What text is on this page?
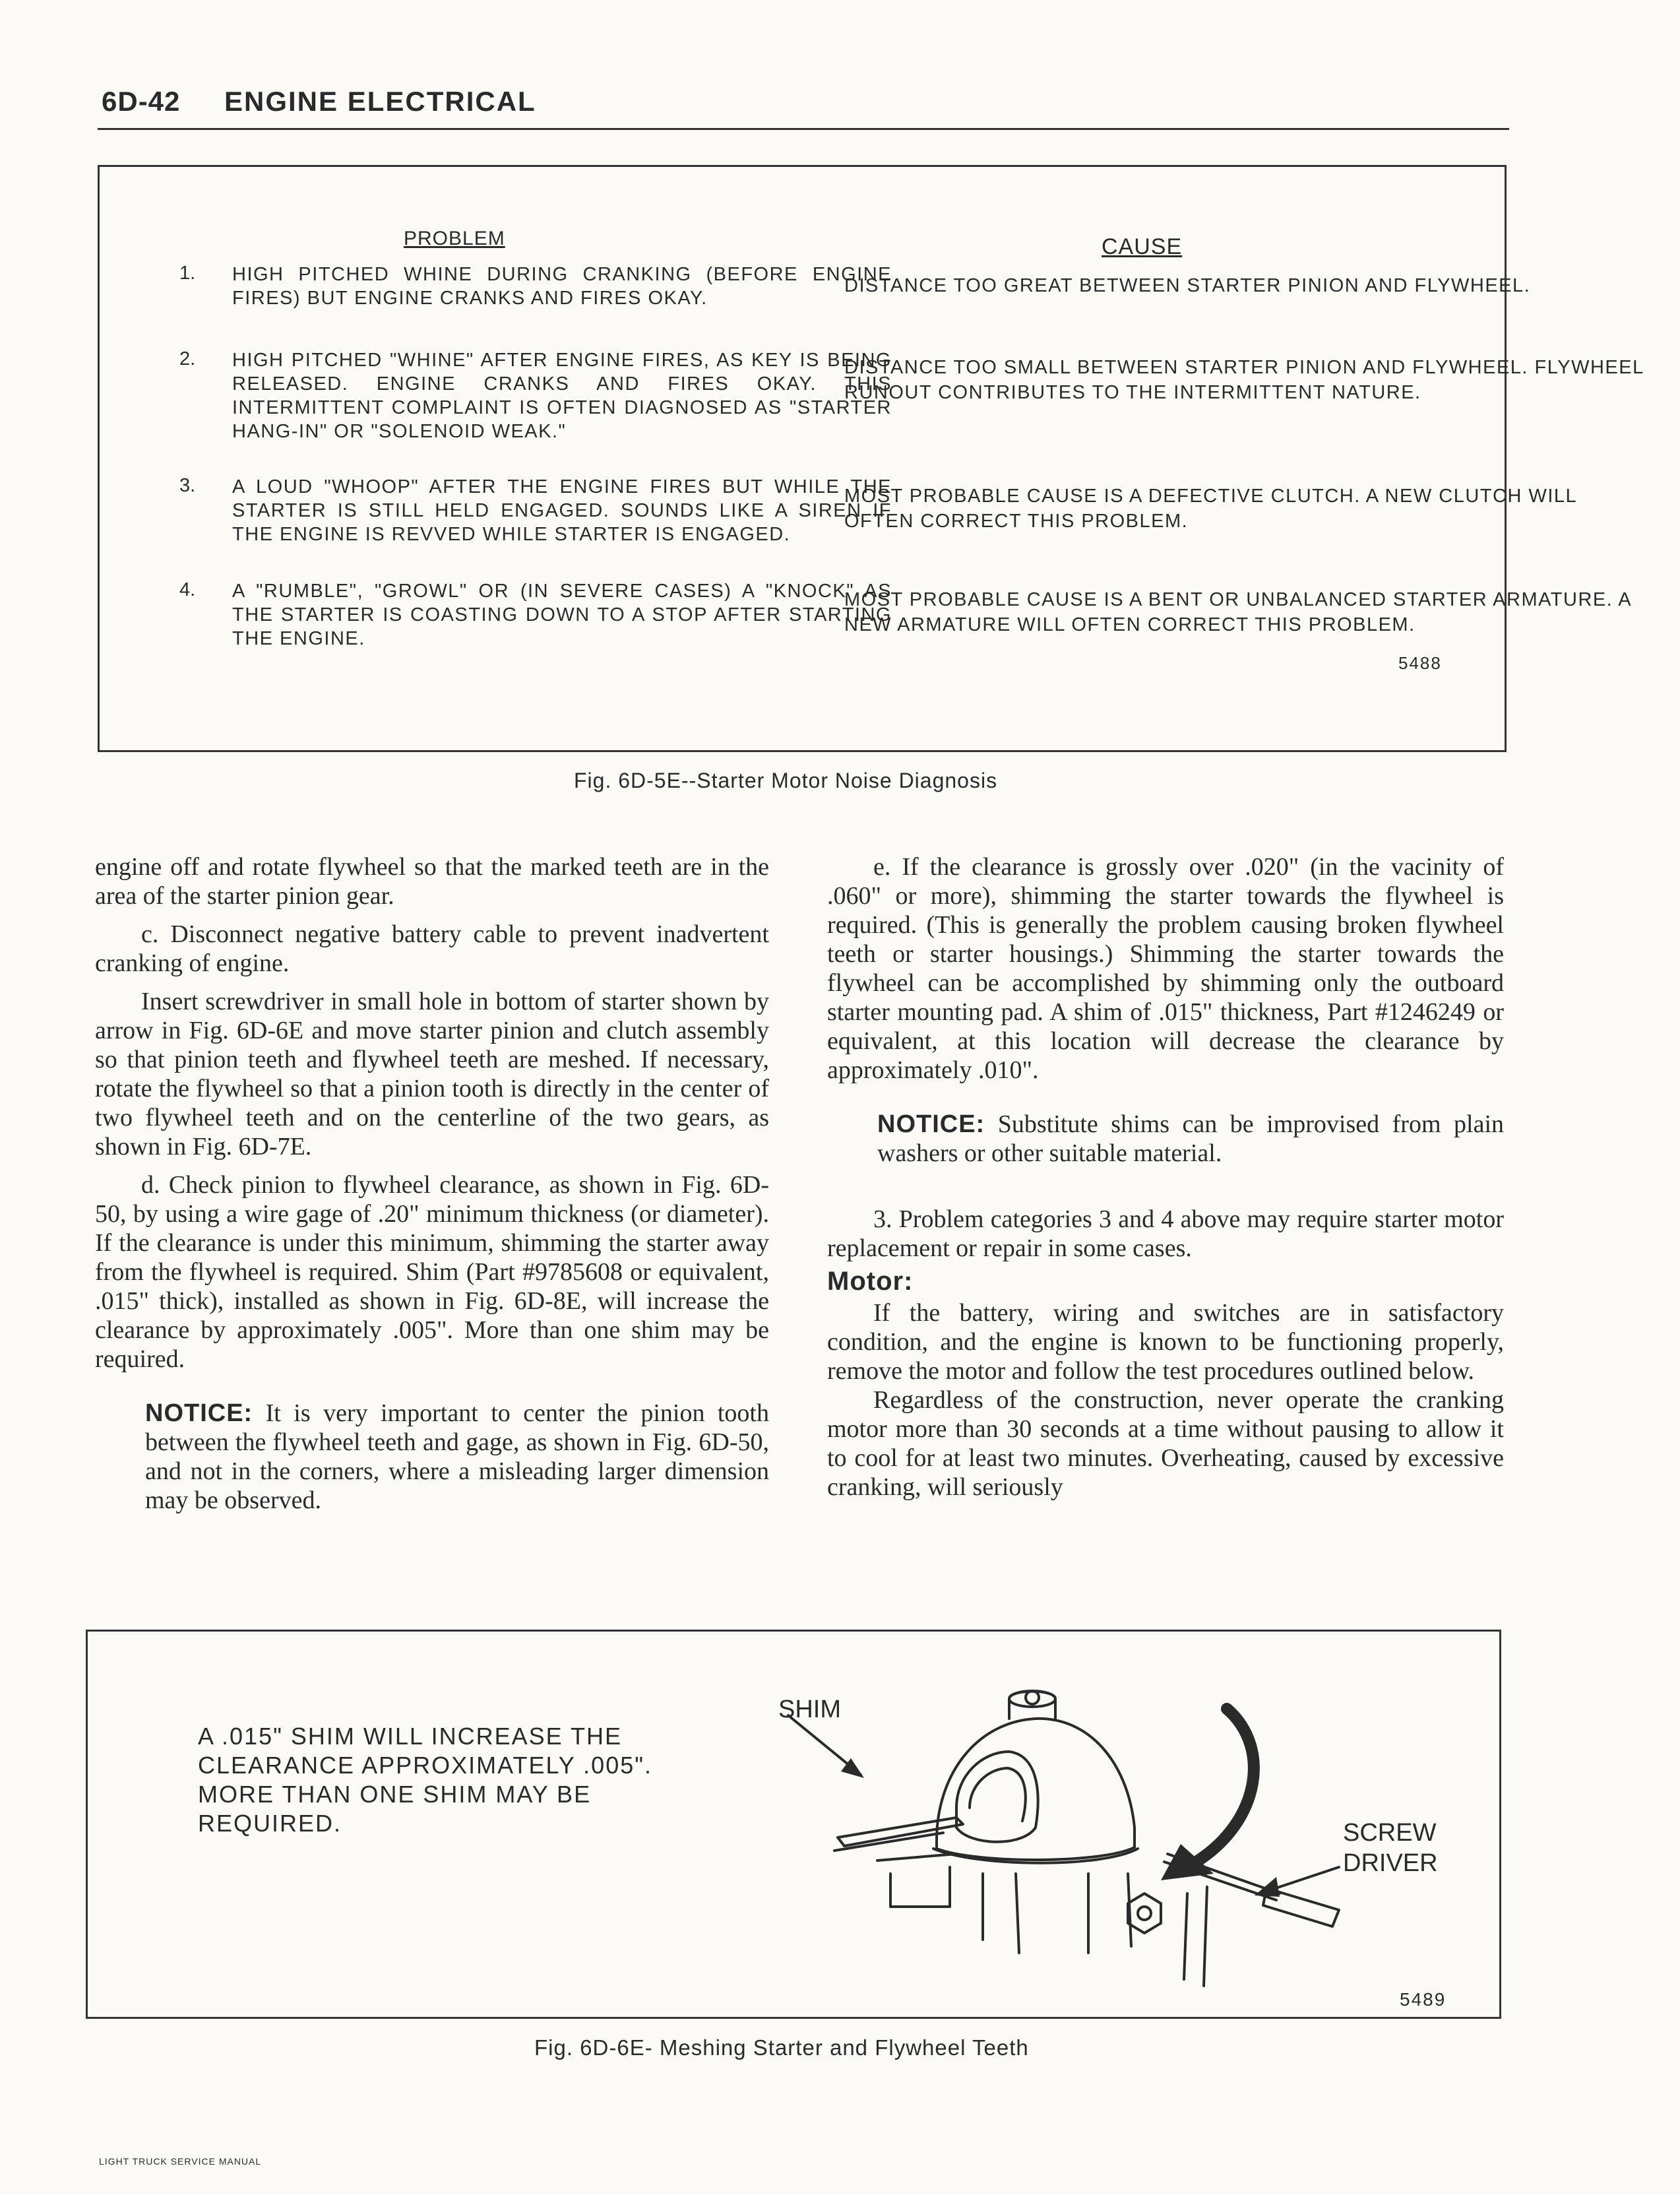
6D-42 ENGINE ELECTRICAL
PROBLEM	CAUSE
1. HIGH PITCHED WHINE DURING CRANKING (BEFORE ENGINE FIRES) BUT ENGINE CRANKS AND FIRES OKAY.
DISTANCE TOO GREAT BETWEEN STARTER PINION AND FLYWHEEL.
2. HIGH PITCHED "WHINE" AFTER ENGINE FIRES, AS KEY IS BEING RELEASED. ENGINE CRANKS AND FIRES OKAY. THIS INTERMITTENT COMPLAINT IS OFTEN DIAGNOSED AS "STARTER HANG-IN" OR "SOLENOID WEAK."
DISTANCE TOO SMALL BETWEEN STARTER PINION AND FLYWHEEL. FLYWHEEL RUNOUT CONTRIBUTES TO THE INTERMITTENT NATURE.
3. A LOUD "WHOOP" AFTER THE ENGINE FIRES BUT WHILE THE STARTER IS STILL HELD ENGAGED. SOUNDS LIKE A SIREN IF THE ENGINE IS REVVED WHILE STARTER IS ENGAGED.
MOST PROBABLE CAUSE IS A DEFECTIVE CLUTCH. A NEW CLUTCH WILL OFTEN CORRECT THIS PROBLEM.
4. A "RUMBLE", "GROWL" OR (IN SEVERE CASES) A "KNOCK" AS THE STARTER IS COASTING DOWN TO A STOP AFTER STARTING THE ENGINE.
MOST PROBABLE CAUSE IS A BENT OR UNBALANCED STARTER ARMATURE. A NEW ARMATURE WILL OFTEN CORRECT THIS PROBLEM.
5488
Fig. 6D-5E--Starter Motor Noise Diagnosis

engine off and rotate flywheel so that the marked teeth are in the area of the starter pinion gear.

c. Disconnect negative battery cable to prevent inadvertent cranking of engine.

Insert screwdriver in small hole in bottom of starter shown by arrow in Fig. 6D-6E and move starter pinion and clutch assembly so that pinion teeth and flywheel teeth are meshed. If necessary, rotate the flywheel so that a pinion tooth is directly in the center of two flywheel teeth and on the centerline of the two gears, as shown in Fig. 6D-7E.

d. Check pinion to flywheel clearance, as shown in Fig. 6D-50, by using a wire gage of .20" minimum thickness (or diameter). If the clearance is under this minimum, shimming the starter away from the flywheel is required. Shim (Part #9785608 or equivalent, .015" thick), installed as shown in Fig. 6D-8E, will increase the clearance by approximately .005". More than one shim may be required.

NOTICE: It is very important to center the pinion tooth between the flywheel teeth and gage, as shown in Fig. 6D-50, and not in the corners, where a misleading larger dimension may be observed.

e. If the clearance is grossly over .020" (in the vacinity of .060" or more), shimming the starter towards the flywheel is required. (This is generally the problem causing broken flywheel teeth or starter housings.) Shimming the starter towards the flywheel can be accomplished by shimming only the outboard starter mounting pad. A shim of .015" thickness, Part #1246249 or equivalent, at this location will decrease the clearance by approximately .010".

NOTICE: Substitute shims can be improvised from plain washers or other suitable material.

3. Problem categories 3 and 4 above may require starter motor replacement or repair in some cases.

Motor:

If the battery, wiring and switches are in satisfactory condition, and the engine is known to be functioning properly, remove the motor and follow the test procedures outlined below.

Regardless of the construction, never operate the cranking motor more than 30 seconds at a time without pausing to allow it to cool for at least two minutes. Overheating, caused by excessive cranking, will seriously

A .015" SHIM WILL INCREASE THE CLEARANCE APPROXIMATELY .005". MORE THAN ONE SHIM MAY BE REQUIRED.
SHIM
SCREW
DRIVER
5489
Fig. 6D-6E- Meshing Starter and Flywheel Teeth
LIGHT TRUCK SERVICE MANUAL
